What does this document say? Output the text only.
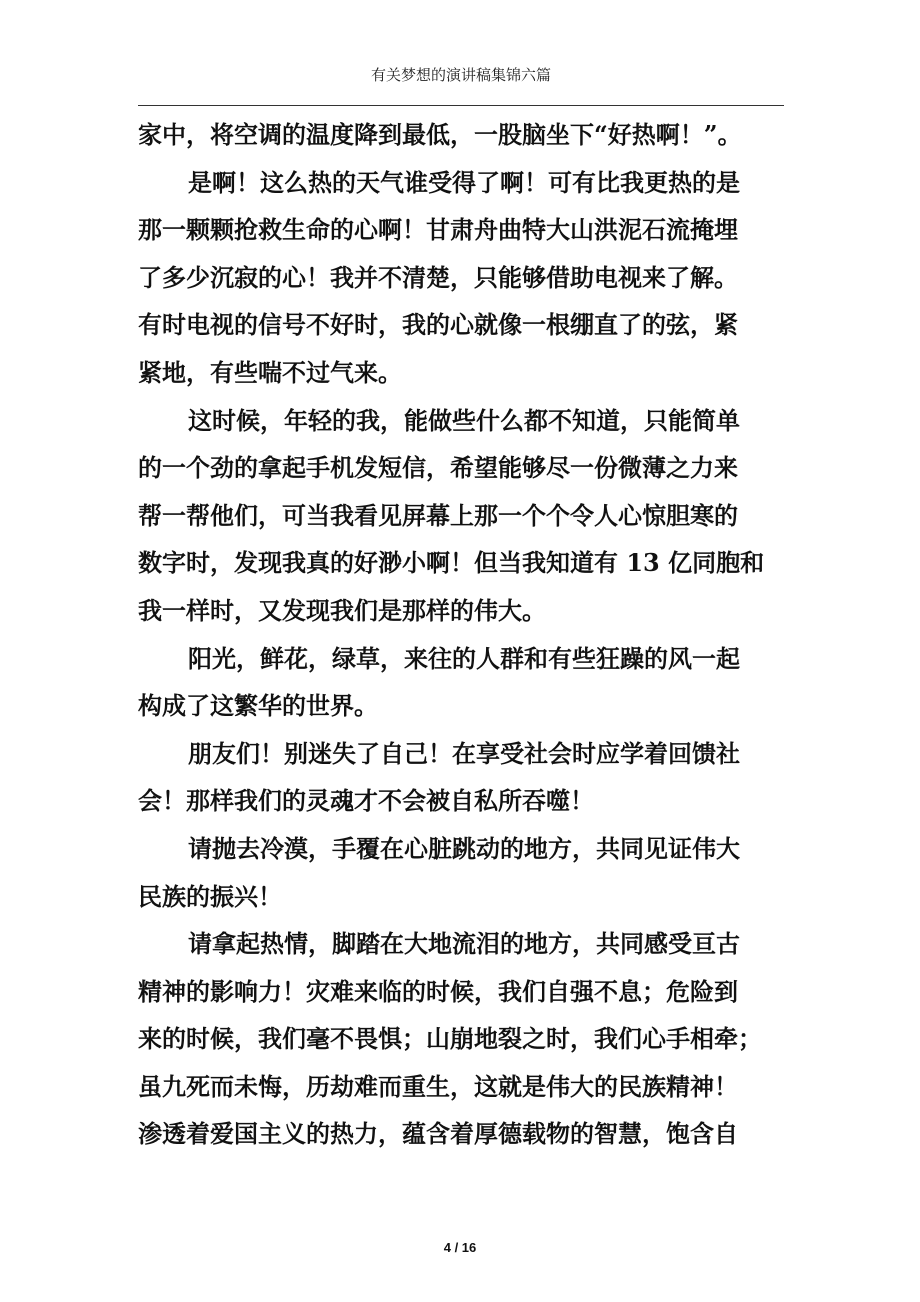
有关梦想的演讲稿集锦六篇
家中，将空调的温度降到最低，一股脑坐下“好热啊！”。
是啊！这么热的天气谁受得了啊！可有比我更热的是
那一颗颗抢救生命的心啊！甘肃舟曲特大山洪泥石流掩埋
了多少沉寂的心！我并不清楚，只能够借助电视来了解。
有时电视的信号不好时，我的心就像一根绷直了的弦，紧
紧地，有些喘不过气来。
这时候，年轻的我，能做些什么都不知道，只能简单
的一个劲的拿起手机发短信，希望能够尽一份微薄之力来
帮一帮他们，可当我看见屏幕上那一个个令人心惊胆寒的
数字时，发现我真的好渺小啊！但当我知道有 13 亿同胞和
我一样时，又发现我们是那样的伟大。
阳光，鲜花，绿草，来往的人群和有些狂躁的风一起
构成了这繁华的世界。
朋友们！别迷失了自己！在享受社会时应学着回馈社
会！那样我们的灵魂才不会被自私所吞噬！
请抛去冷漠，手覆在心脏跳动的地方，共同见证伟大
民族的振兴！
请拿起热情，脚踏在大地流泪的地方，共同感受亘古
精神的影响力！灾难来临的时候，我们自强不息；危险到
来的时候，我们毫不畏惧；山崩地裂之时，我们心手相牵；
虽九死而未悔，历劫难而重生，这就是伟大的民族精神！
渗透着爱国主义的热力，蕴含着厚德载物的智慧，饱含自
4 / 16
